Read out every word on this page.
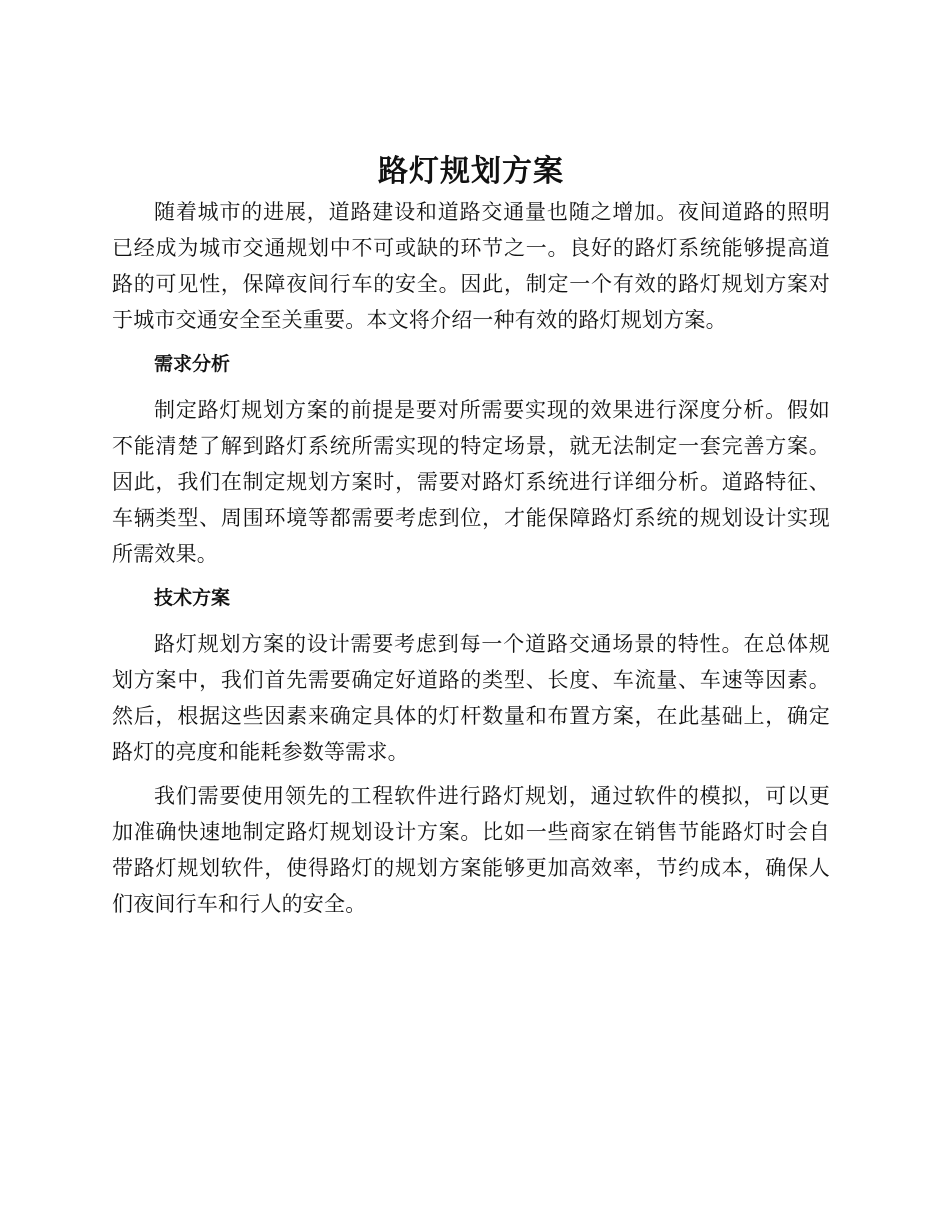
路灯规划方案

随着城市的进展，道路建设和道路交通量也随之增加。夜间道路的照明已经成为城市交通规划中不可或缺的环节之一。良好的路灯系统能够提高道路的可见性，保障夜间行车的安全。因此，制定一个有效的路灯规划方案对于城市交通安全至关重要。本文将介绍一种有效的路灯规划方案。

需求分析

制定路灯规划方案的前提是要对所需要实现的效果进行深度分析。假如不能清楚了解到路灯系统所需实现的特定场景，就无法制定一套完善方案。因此，我们在制定规划方案时，需要对路灯系统进行详细分析。道路特征、车辆类型、周围环境等都需要考虑到位，才能保障路灯系统的规划设计实现所需效果。

技术方案

路灯规划方案的设计需要考虑到每一个道路交通场景的特性。在总体规划方案中，我们首先需要确定好道路的类型、长度、车流量、车速等因素。然后，根据这些因素来确定具体的灯杆数量和布置方案，在此基础上，确定路灯的亮度和能耗参数等需求。

我们需要使用领先的工程软件进行路灯规划，通过软件的模拟，可以更加准确快速地制定路灯规划设计方案。比如一些商家在销售节能路灯时会自带路灯规划软件，使得路灯的规划方案能够更加高效率，节约成本，确保人们夜间行车和行人的安全。
